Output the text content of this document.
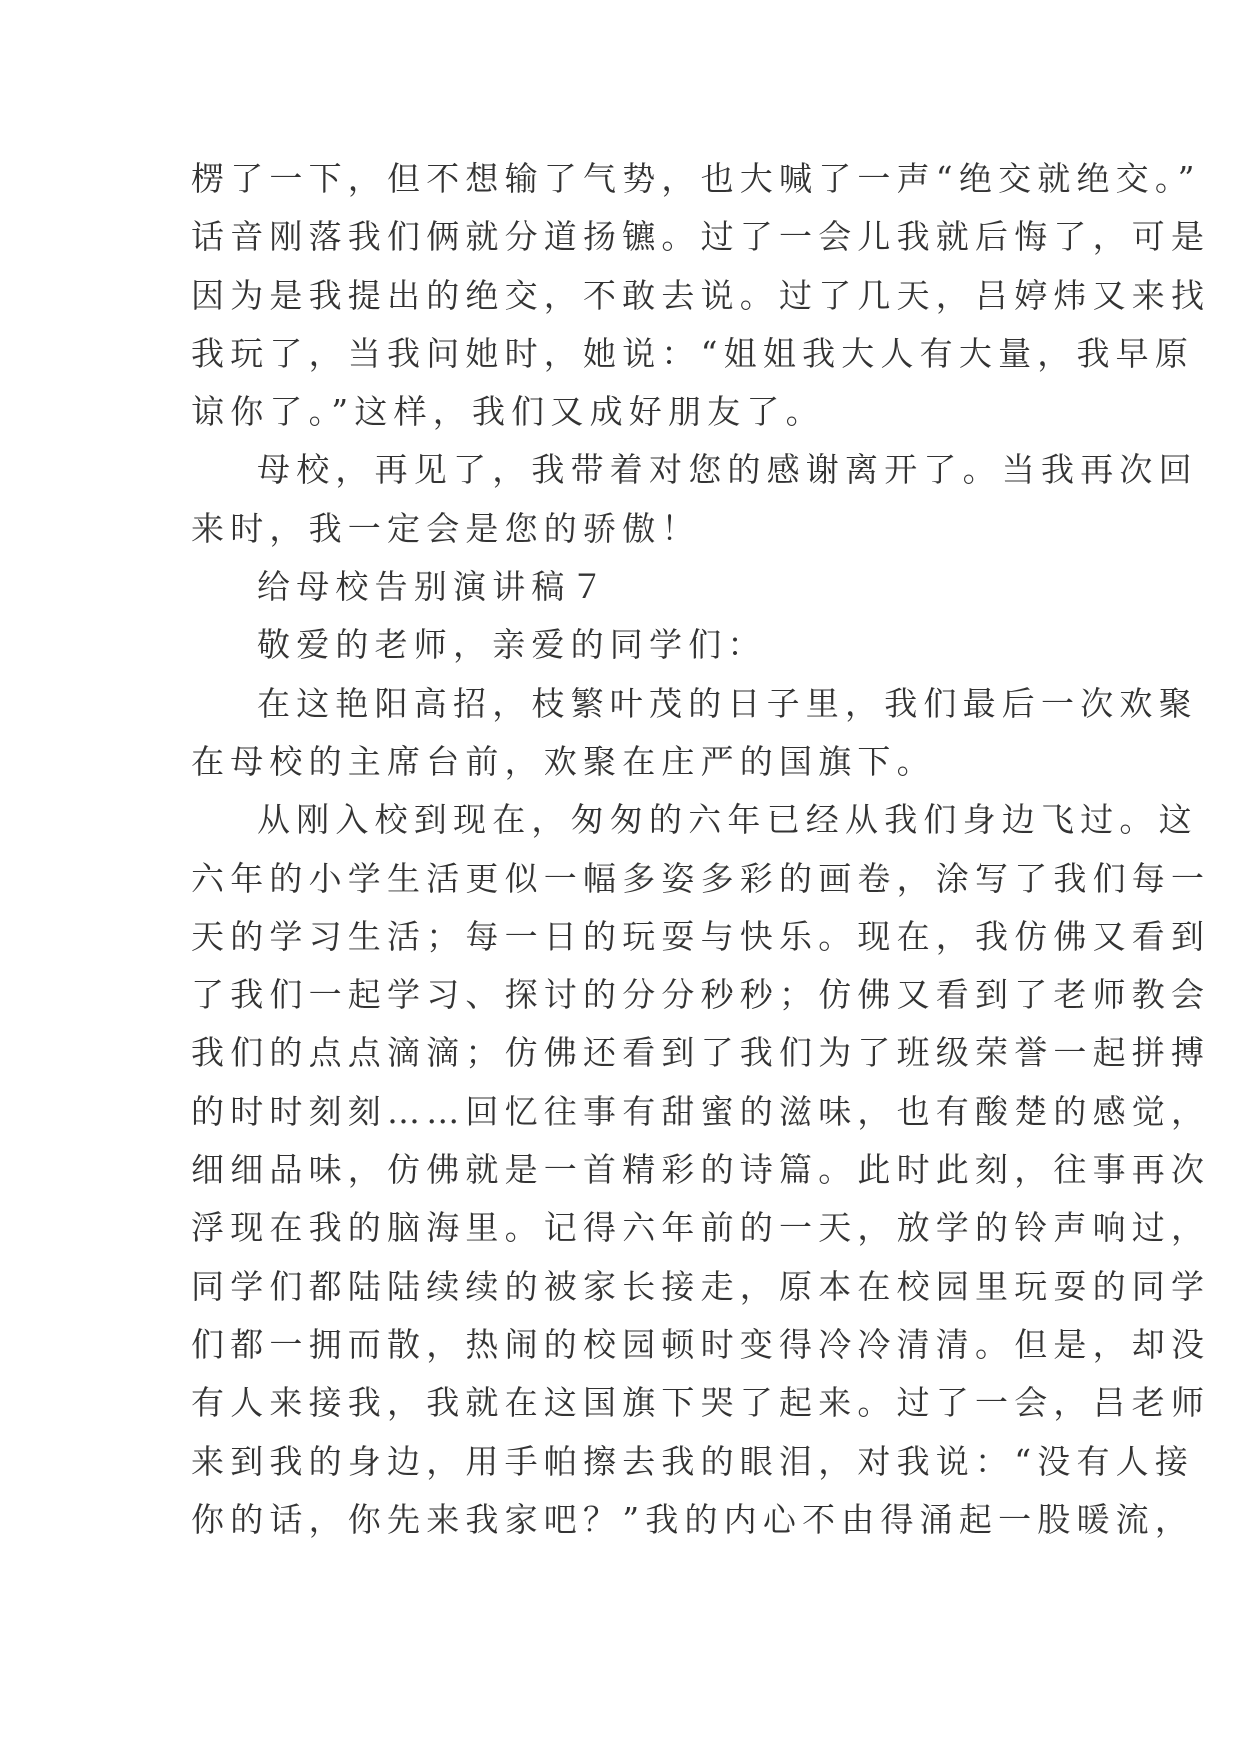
楞了一下，但不想输了气势，也大喊了一声“绝交就绝交。”
话音刚落我们俩就分道扬镳。过了一会儿我就后悔了，可是
因为是我提出的绝交，不敢去说。过了几天，吕婷炜又来找
我玩了，当我问她时，她说：“姐姐我大人有大量，我早原
谅你了。”这样，我们又成好朋友了。
母校，再见了，我带着对您的感谢离开了。当我再次回
来时，我一定会是您的骄傲！
给母校告别演讲稿７
敬爱的老师，亲爱的同学们：
在这艳阳高招，枝繁叶茂的日子里，我们最后一次欢聚
在母校的主席台前，欢聚在庄严的国旗下。
从刚入校到现在，匆匆的六年已经从我们身边飞过。这
六年的小学生活更似一幅多姿多彩的画卷，涂写了我们每一
天的学习生活；每一日的玩耍与快乐。现在，我仿佛又看到
了我们一起学习、探讨的分分秒秒；仿佛又看到了老师教会
我们的点点滴滴；仿佛还看到了我们为了班级荣誉一起拼搏
的时时刻刻……回忆往事有甜蜜的滋味，也有酸楚的感觉，
细细品味，仿佛就是一首精彩的诗篇。此时此刻，往事再次
浮现在我的脑海里。记得六年前的一天，放学的铃声响过，
同学们都陆陆续续的被家长接走，原本在校园里玩耍的同学
们都一拥而散，热闹的校园顿时变得冷冷清清。但是，却没
有人来接我，我就在这国旗下哭了起来。过了一会，吕老师
来到我的身边，用手帕擦去我的眼泪，对我说：“没有人接
你的话，你先来我家吧？”我的内心不由得涌起一股暖流，
